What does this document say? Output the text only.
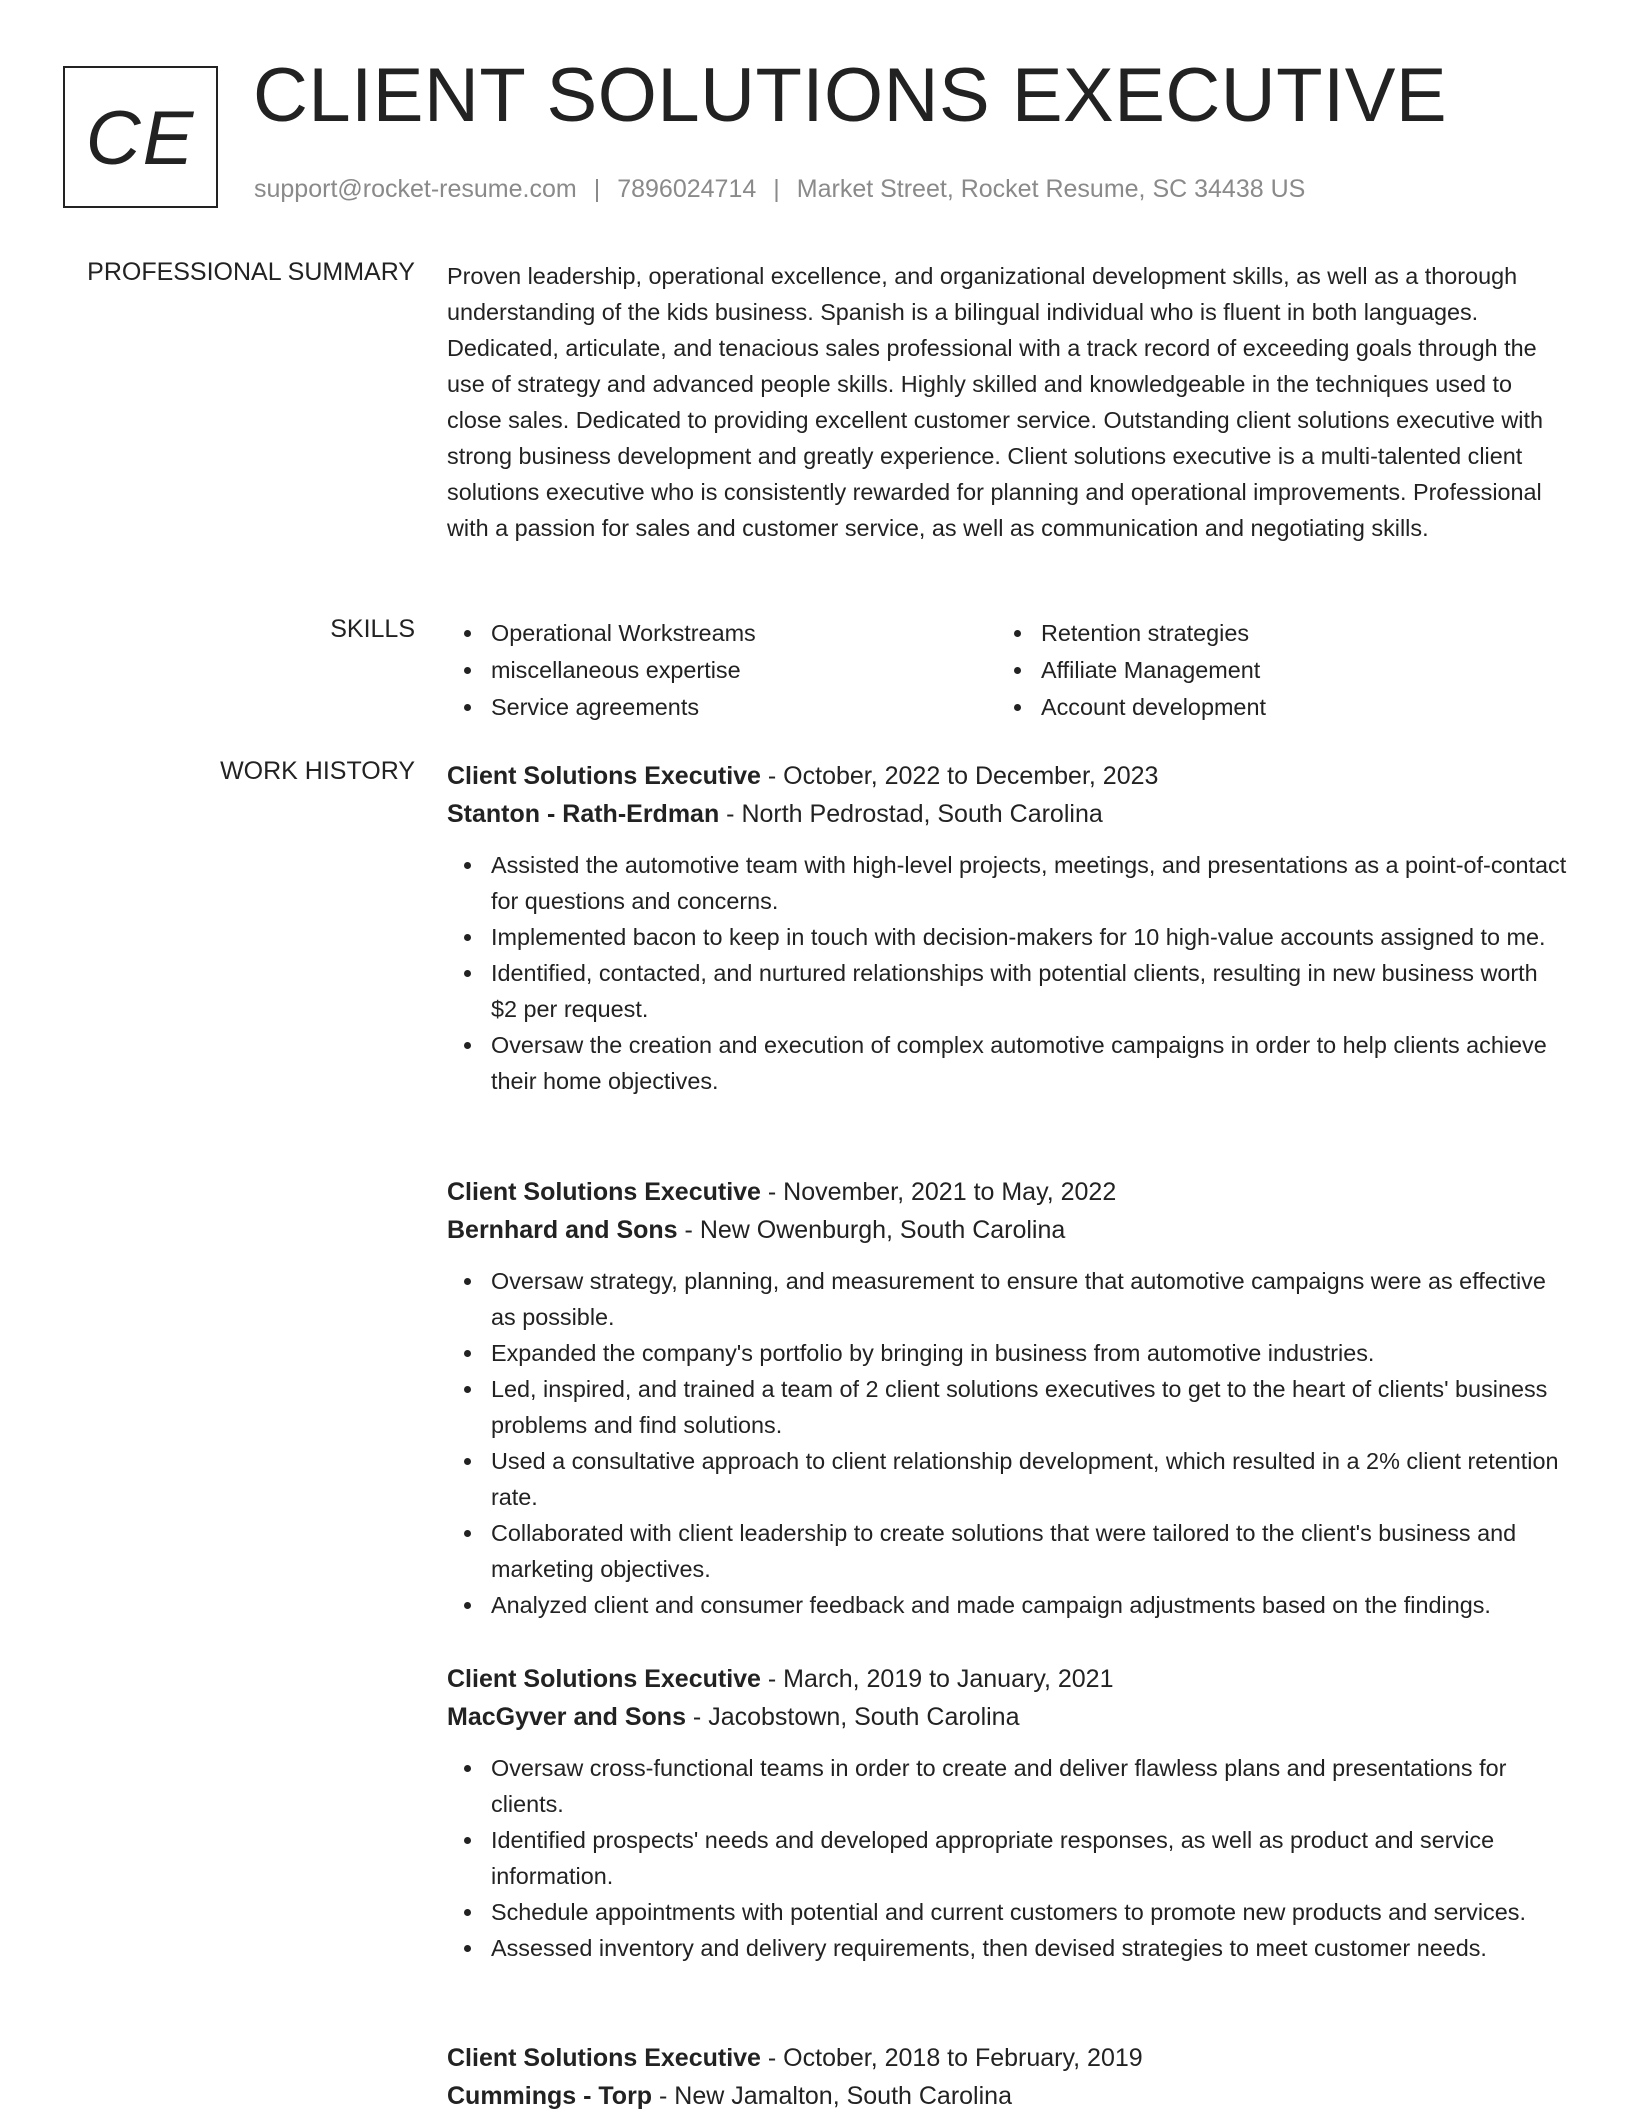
CE CLIENT SOLUTIONS EXECUTIVE
support@rocket-resume.com | 7896024714 | Market Street, Rocket Resume, SC 34438 US
PROFESSIONAL SUMMARY Proven leadership, operational excellence, and organizational development skills, as well as a thorough understanding of the kids business. Spanish is a bilingual individual who is fluent in both languages. Dedicated, articulate, and tenacious sales professional with a track record of exceeding goals through the use of strategy and advanced people skills. Highly skilled and knowledgeable in the techniques used to close sales. Dedicated to providing excellent customer service. Outstanding client solutions executive with strong business development and greatly experience. Client solutions executive is a multi-talented client solutions executive who is consistently rewarded for planning and operational improvements. Professional with a passion for sales and customer service, as well as communication and negotiating skills.
SKILLS	Operational Workstreams
miscellaneous expertise
Service agreements
Retention strategies
Affiliate Management
Account development
WORK HISTORY Client Solutions Executive - October, 2022 to December, 2023
Stanton - Rath-Erdman - North Pedrostad, South Carolina
Assisted the automotive team with high-level projects, meetings, and presentations as a point-of-contact for questions and concerns.
Implemented bacon to keep in touch with decision-makers for 10 high-value accounts assigned to me.
Identified, contacted, and nurtured relationships with potential clients, resulting in new business worth $2 per request.
Oversaw the creation and execution of complex automotive campaigns in order to help clients achieve their home objectives.
Client Solutions Executive - November, 2021 to May, 2022
Bernhard and Sons - New Owenburgh, South Carolina
Oversaw strategy, planning, and measurement to ensure that automotive campaigns were as effective as possible.
Expanded the company's portfolio by bringing in business from automotive industries.
Led, inspired, and trained a team of 2 client solutions executives to get to the heart of clients' business problems and find solutions.
Used a consultative approach to client relationship development, which resulted in a 2% client retention rate.
Collaborated with client leadership to create solutions that were tailored to the client's business and marketing objectives.
Analyzed client and consumer feedback and made campaign adjustments based on the findings.
Client Solutions Executive - March, 2019 to January, 2021
MacGyver and Sons - Jacobstown, South Carolina
Oversaw cross-functional teams in order to create and deliver flawless plans and presentations for clients.
Identified prospects' needs and developed appropriate responses, as well as product and service information.
Schedule appointments with potential and current customers to promote new products and services.
Assessed inventory and delivery requirements, then devised strategies to meet customer needs.
Client Solutions Executive - October, 2018 to February, 2019
Cummings - Torp - New Jamalton, South Carolina
